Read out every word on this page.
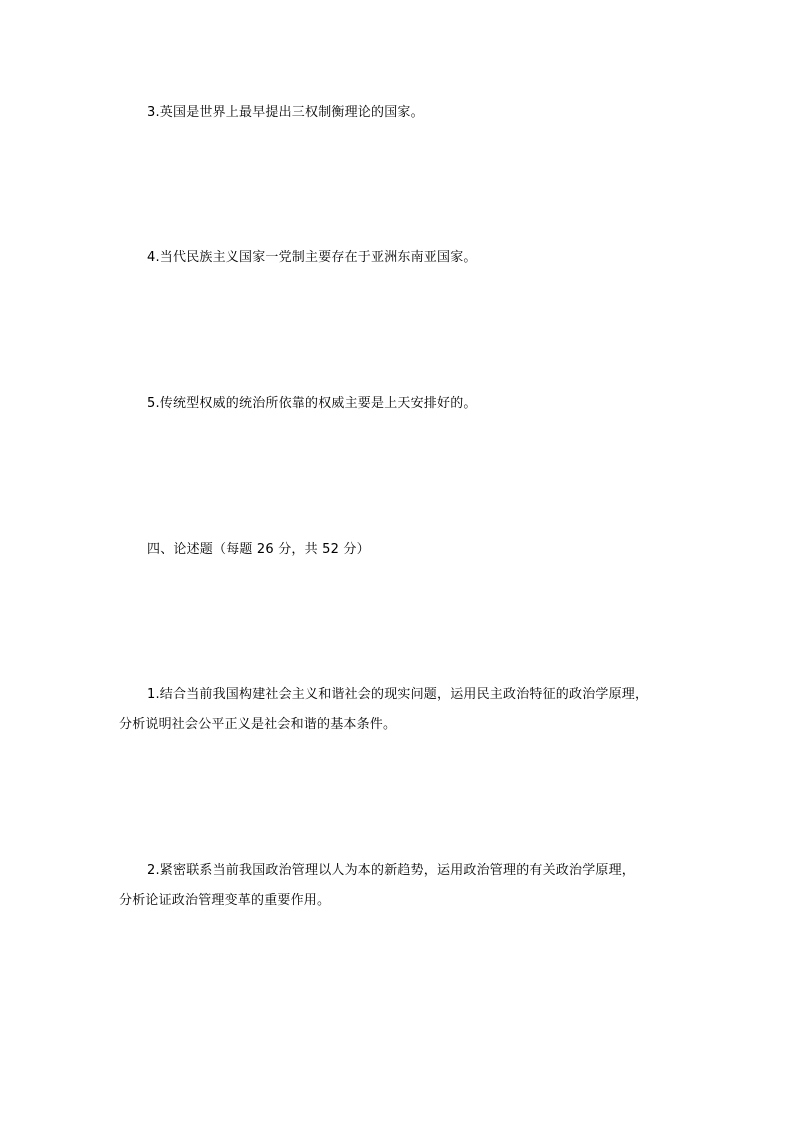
3.英国是世界上最早提出三权制衡理论的国家。
4.当代民族主义国家一党制主要存在于亚洲东南亚国家。
5.传统型权威的统治所依靠的权威主要是上天安排好的。
四、论述题（每题 26 分，共 52 分）
1.结合当前我国构建社会主义和谐社会的现实问题，运用民主政治特征的政治学原理，
分析说明社会公平正义是社会和谐的基本条件。
2.紧密联系当前我国政治管理以人为本的新趋势，运用政治管理的有关政治学原理，
分析论证政治管理变革的重要作用。
